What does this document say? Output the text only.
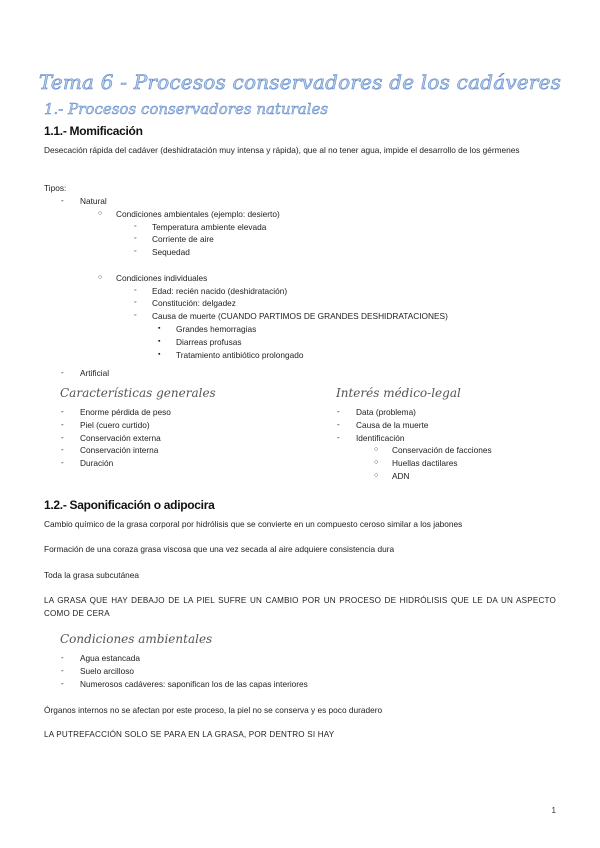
Tema 6 - Procesos conservadores de los cadáveres
1.- Procesos conservadores naturales
1.1.- Momificación
Desecación rápida del cadáver (deshidratación muy intensa y rápida), que al no tener agua, impide el desarrollo de los gérmenes
Tipos:
- Natural
○ Condiciones ambientales (ejemplo: desierto)
◦ Temperatura ambiente elevada
◦ Corriente de aire
◦ Sequedad
○ Condiciones individuales
◦ Edad: recién nacido (deshidratación)
◦ Constitución: delgadez
◦ Causa de muerte (CUANDO PARTIMOS DE GRANDES DESHIDRATACIONES)
▪ Grandes hemorragias
▪ Diarreas profusas
▪ Tratamiento antibiótico prolongado
- Artificial
Características generales
- Enorme pérdida de peso
- Piel (cuero curtido)
- Conservación externa
- Conservación interna
- Duración
Interés médico-legal
- Data (problema)
- Causa de la muerte
- Identificación
○ Conservación de facciones
○ Huellas dactilares
○ ADN
1.2.- Saponificación o adipocira
Cambio químico de la grasa corporal por hidrólisis que se convierte en un compuesto ceroso similar a los jabones
Formación de una coraza grasa viscosa que una vez secada al aire adquiere consistencia dura
Toda la grasa subcutánea
LA GRASA QUE HAY DEBAJO DE LA PIEL SUFRE UN CAMBIO POR UN PROCESO DE HIDRÓLISIS QUE LE DA UN ASPECTO COMO DE CERA
Condiciones ambientales
- Agua estancada
- Suelo arcilloso
- Numerosos cadáveres: saponifican los de las capas interiores
Órganos internos no se afectan por este proceso, la piel no se conserva y es poco duradero
LA PUTREFACCIÓN SOLO SE PARA EN LA GRASA, POR DENTRO SI HAY
1
